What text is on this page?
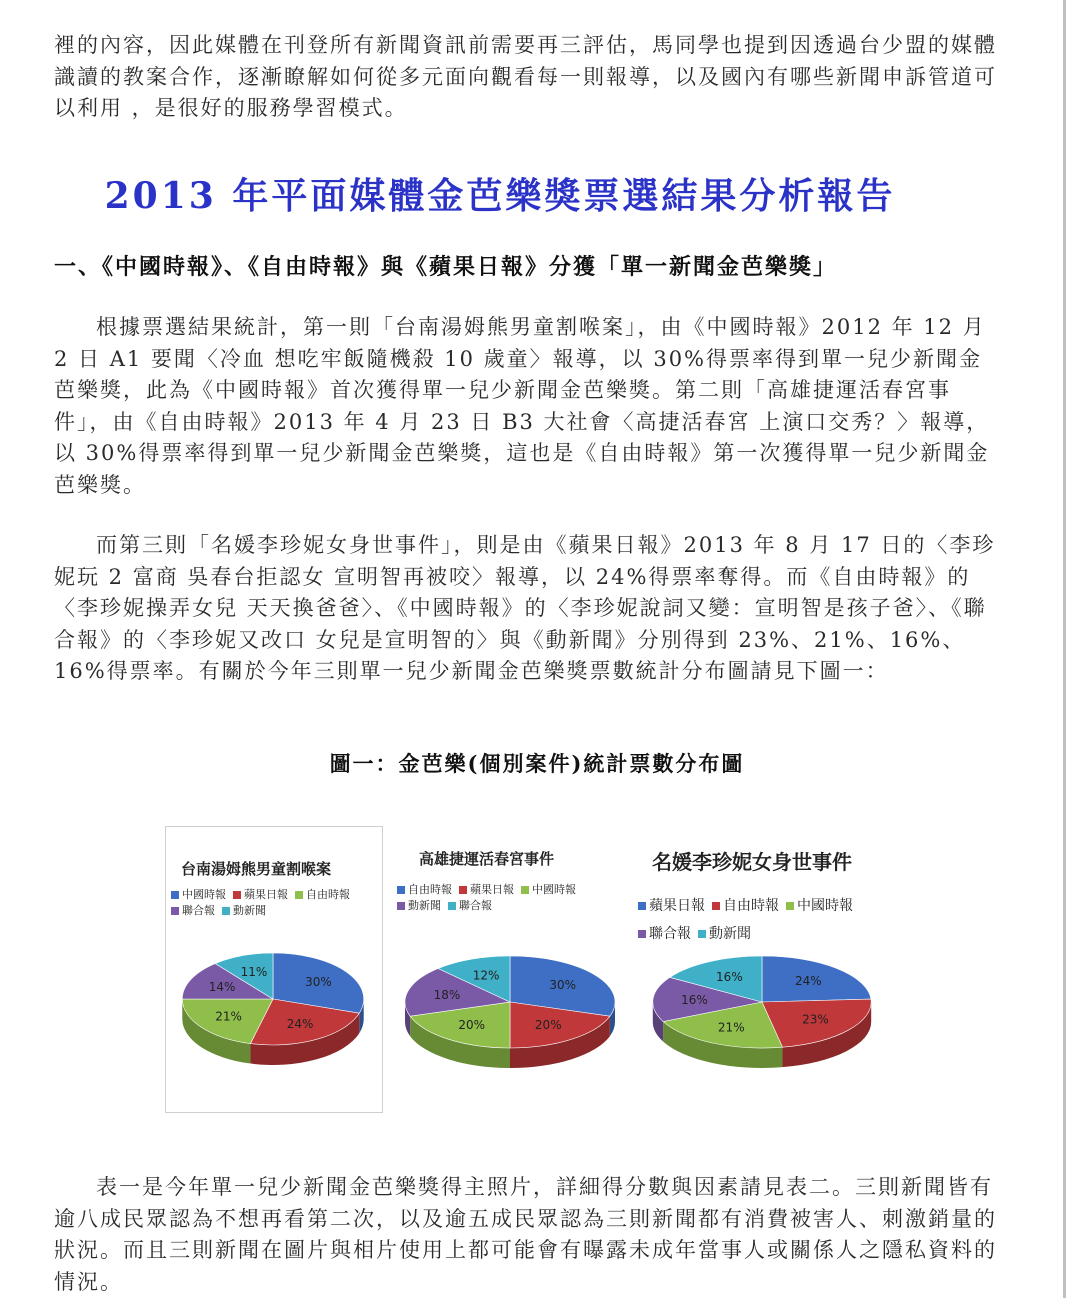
裡的內容，因此媒體在刊登所有新聞資訊前需要再三評估，馬同學也提到因透過台少盟的媒體識讀的教案合作，逐漸瞭解如何從多元面向觀看每一則報導，以及國內有哪些新聞申訴管道可以利用 ，是很好的服務學習模式。

2013 年平面媒體金芭樂獎票選結果分析報告
一、《中國時報》、《自由時報》與《蘋果日報》分獲「單一新聞金芭樂獎」

根據票選結果統計，第一則「台南湯姆熊男童割喉案」，由《中國時報》2012 年 12 月 2 日 A1 要聞〈冷血 想吃牢飯隨機殺 10 歲童〉報導，以 30%得票率得到單一兒少新聞金芭樂獎，此為《中國時報》首次獲得單一兒少新聞金芭樂獎。第二則「高雄捷運活春宮事件」，由《自由時報》2013 年 4 月 23 日 B3 大社會〈高捷活春宮 上演口交秀？〉報導，以 30%得票率得到單一兒少新聞金芭樂獎，這也是《自由時報》第一次獲得單一兒少新聞金芭樂獎。

而第三則「名媛李珍妮女身世事件」，則是由《蘋果日報》2013 年 8 月 17 日的〈李珍妮玩 2 富商 吳春台拒認女 宣明智再被咬〉報導，以 24%得票率奪得。而《自由時報》的〈李珍妮操弄女兒 天天換爸爸〉、《中國時報》的〈李珍妮說詞又變：宣明智是孩子爸〉、《聯合報》的〈李珍妮又改口 女兒是宣明智的〉與《動新聞》分別得到 23%、21%、16%、16%得票率。有關於今年三則單一兒少新聞金芭樂獎票數統計分布圖請見下圖一：

圖一：金芭樂(個別案件)統計票數分布圖

台南湯姆熊男童割喉案
中國時報 蘋果日報 自由時報聯合報 動新聞
30%
24%
21%
14%
11%
高雄捷運活春宮事件
自由時報 蘋果日報 中國時報動新聞 聯合報
30%
20%
20%
18%
12%
名媛李珍妮女身世事件
蘋果日報 自由時報 中國時報聯合報 動新聞
24%
23%
21%
16%
16%

表一是今年單一兒少新聞金芭樂獎得主照片，詳細得分數與因素請見表二。三則新聞皆有逾八成民眾認為不想再看第二次，以及逾五成民眾認為三則新聞都有消費被害人、刺激銷量的狀況。而且三則新聞在圖片與相片使用上都可能會有曝露未成年當事人或關係人之隱私資料的情況。
